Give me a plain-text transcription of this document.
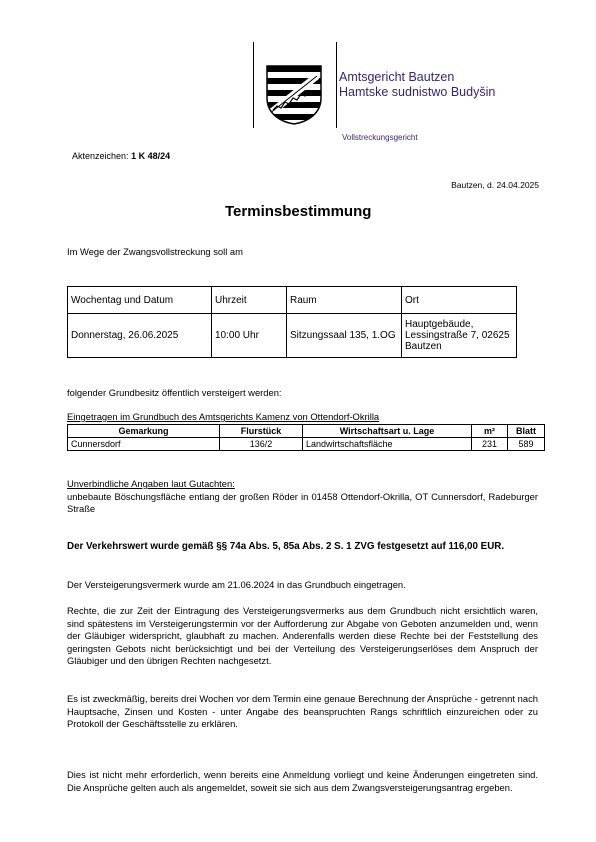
Amtsgericht Bautzen
Hamtske sudnistwo Budyšin
Vollstreckungsgericht
Aktenzeichen: 1 K 48/24
Bautzen, d. 24.04.2025
Terminsbestimmung
Im Wege der Zwangsvollstreckung soll am
Wochentag und Datum	Uhrzeit	Raum	Ort
Donnerstag, 26.06.2025	10:00 Uhr	Sitzungssaal 135, 1.OG	Hauptgebäude, Lessingstraße 7, 02625 Bautzen
folgender Grundbesitz öffentlich versteigert werden:
Eingetragen im Grundbuch des Amtsgerichts Kamenz von Ottendorf-Okrilla
Gemarkung	Flurstück	Wirtschaftsart u. Lage	m²	Blatt
Cunnersdorf	136/2	Landwirtschaftsfläche	231	589
Unverbindliche Angaben laut Gutachten:
unbebaute Böschungsfläche entlang der großen Röder in 01458 Ottendorf-Okrilla, OT Cunnersdorf, Radeburger Straße
Der Verkehrswert wurde gemäß §§ 74a Abs. 5, 85a Abs. 2 S. 1 ZVG festgesetzt auf 116,00 EUR.
Der Versteigerungsvermerk wurde am 21.06.2024 in das Grundbuch eingetragen.
Rechte, die zur Zeit der Eintragung des Versteigerungsvermerks aus dem Grundbuch nicht ersichtlich waren, sind spätestens im Versteigerungstermin vor der Aufforderung zur Abgabe von Geboten anzumelden und, wenn der Gläubiger widerspricht, glaubhaft zu machen. Anderenfalls werden diese Rechte bei der Feststellung des geringsten Gebots nicht berücksichtigt und bei der Verteilung des Versteigerungserlöses dem Anspruch der Gläubiger und den übrigen Rechten nachgesetzt.
Es ist zweckmäßig, bereits drei Wochen vor dem Termin eine genaue Berechnung der Ansprüche - getrennt nach Hauptsache, Zinsen und Kosten - unter Angabe des beanspruchten Rangs schriftlich einzureichen oder zu Protokoll der Geschäftsstelle zu erklären.
Dies ist nicht mehr erforderlich, wenn bereits eine Anmeldung vorliegt und keine Änderungen eingetreten sind. Die Ansprüche gelten auch als angemeldet, soweit sie sich aus dem Zwangsversteigerungsantrag ergeben.
